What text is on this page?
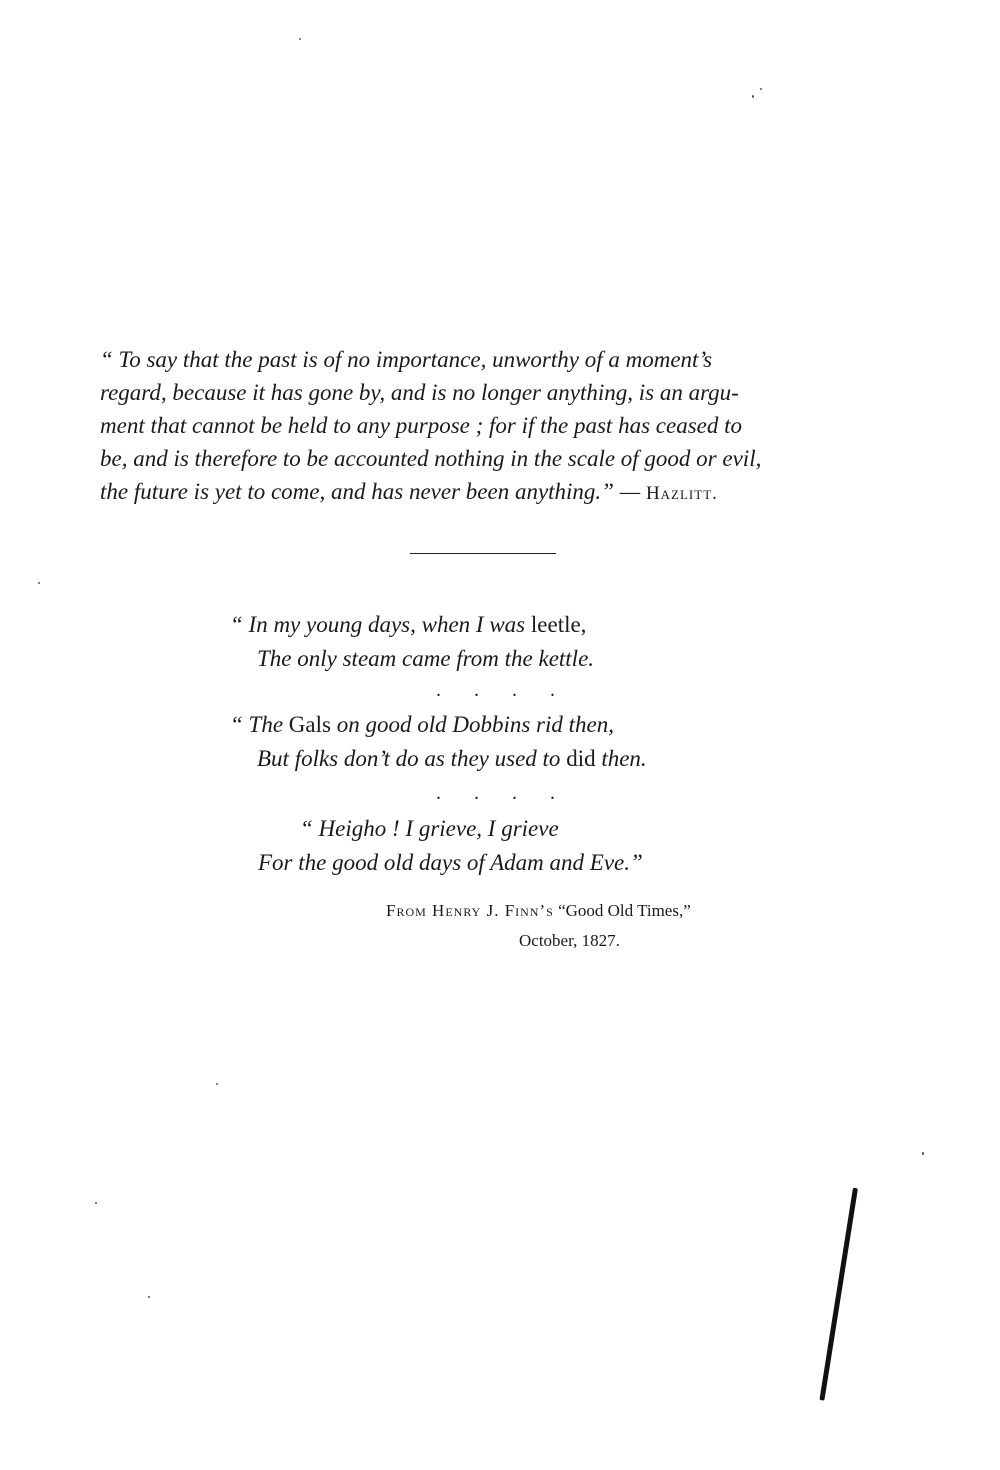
“ To say that the past is of no importance, unworthy of a moment’s
regard, because it has gone by, and is no longer anything, is an argu-
ment that cannot be held to any purpose ; for if the past has ceased to
be, and is therefore to be accounted nothing in the scale of good or evil,
the future is yet to come, and has never been anything.” — Hazlitt.
“ In my young days, when I was leetle,
The only steam came from the kettle.
. . . .
“ The Gals on good old Dobbins rid then,
But folks don’t do as they used to did then.
. . . .
“ Heigho ! I grieve, I grieve
For the good old days of Adam and Eve.”
From Henry J. Finn’s “Good Old Times,”
October, 1827.
